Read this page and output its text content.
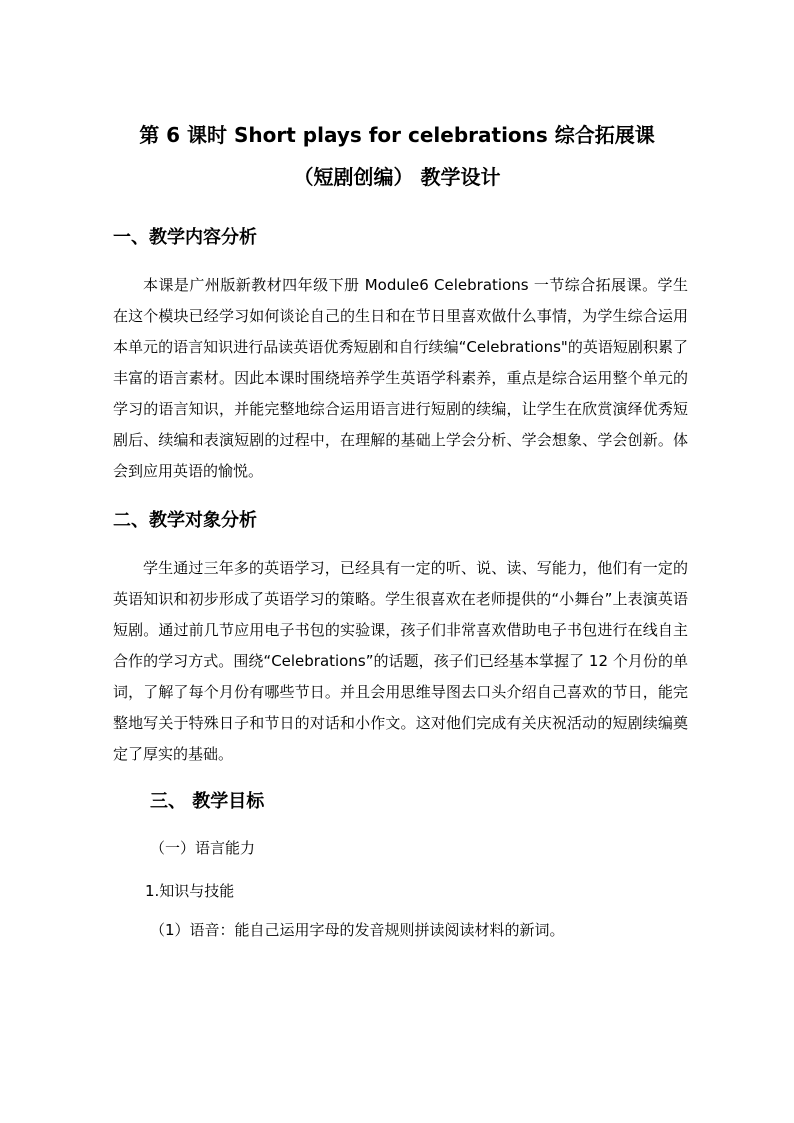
第 6 课时 Short plays for celebrations 综合拓展课
（短剧创编） 教学设计
一、教学内容分析
本课是广州版新教材四年级下册 Module6 Celebrations 一节综合拓展课。学生在这个模块已经学习如何谈论自己的生日和在节日里喜欢做什么事情，为学生综合运用本单元的语言知识进行品读英语优秀短剧和自行续编“Celebrations"的英语短剧积累了丰富的语言素材。因此本课时围绕培养学生英语学科素养，重点是综合运用整个单元的学习的语言知识，并能完整地综合运用语言进行短剧的续编，让学生在欣赏演绎优秀短剧后、续编和表演短剧的过程中，在理解的基础上学会分析、学会想象、学会创新。体会到应用英语的愉悦。
二、教学对象分析
学生通过三年多的英语学习，已经具有一定的听、说、读、写能力，他们有一定的英语知识和初步形成了英语学习的策略。学生很喜欢在老师提供的“小舞台”上表演英语短剧。通过前几节应用电子书包的实验课，孩子们非常喜欢借助电子书包进行在线自主合作的学习方式。围绕“Celebrations”的话题，孩子们已经基本掌握了 12 个月份的单词，了解了每个月份有哪些节日。并且会用思维导图去口头介绍自己喜欢的节日，能完整地写关于特殊日子和节日的对话和小作文。这对他们完成有关庆祝活动的短剧续编奠定了厚实的基础。
三、 教学目标
（一）语言能力
1.知识与技能
（1）语音：能自己运用字母的发音规则拼读阅读材料的新词。
